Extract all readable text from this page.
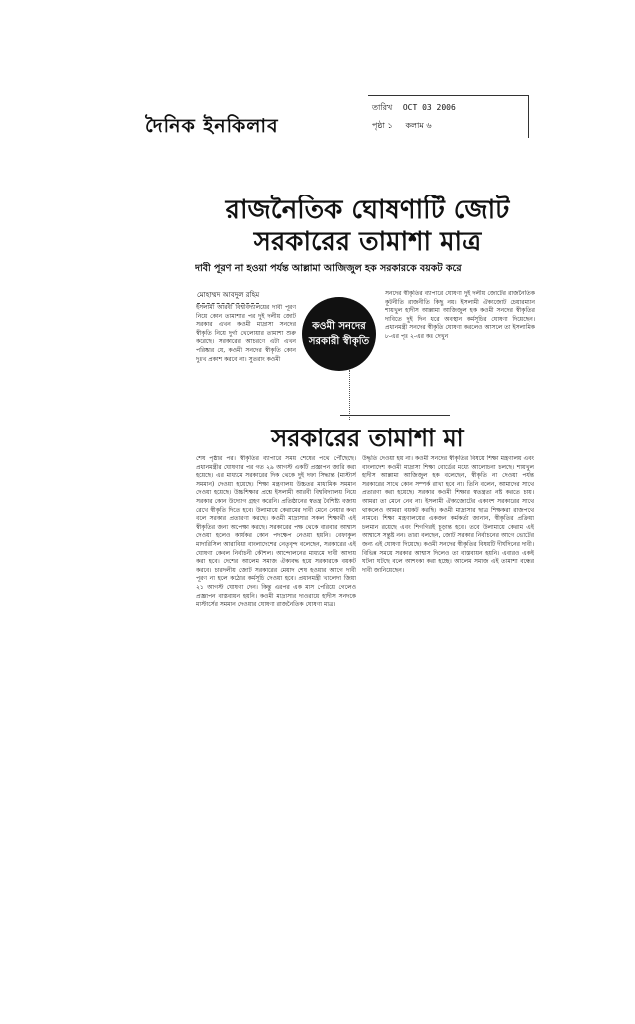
দৈনিক ইনকিলাব
তারিখ OCT 03 2006
পৃষ্ঠা ১ কলাম ৬
রাজনৈতিক ঘোষণাটি জোট
সরকারের তামাশা মাত্র
দাবী পূরণ না হওয়া পর্যন্ত আল্লামা আজিজুল হক সরকারকে বয়কট করে
মোহাম্মদ আবদুল রহিম
ইসলামী আরবী বিশ্ববিদ্যালয়ের দাবী পূরণ নিয়ে কোন তামাশার পর দুই দলীয় জোট সরকার এখন কওমী মাদ্রাসা সনদের স্বীকৃতি নিয়ে দুর্গা খেলোয়ার তামাশা শুরু করেছে। সরকারের আচরণে এটা এখন পরিষ্কার যে, কওমী সনদের স্বীকৃতি কোন দুঃখ প্রকাশ করবে না। সুতরাং কওমী
কওমী সনদের সরকারী স্বীকৃতি
সনদের স্বীকৃতির ব্যাপারে ঘোষণা দুই দলীয় জোটের রাজনৈতিক কূটনীতি রাজনীতি কিছু নয়। ইসলামী ঐক্যজোট চেয়ারম্যান শায়খুল হাদীস আল্লামা আজিজুল হক কওমী সনদের স্বীকৃতির দাবিতে দুই দিন ধরে অবস্থান কর্মসূচির ঘোষণা দিয়েছেন। প্রধানমন্ত্রী সনদের স্বীকৃতি ঘোষণা করলেও আসলে তা ইসলামিক ৮-এর পৃঃ ২-এর কঃ দেখুন
সরকারের তামাশা মা
শেষ পৃষ্ঠার পর। স্বীকৃতির ব্যাপারে সময় শেষের পথে পৌঁছেছে। প্রধানমন্ত্রীর ঘোষণার পর গত ২৯ আগস্ট একটি প্রজ্ঞাপন জারি করা হয়েছে। এর মাধ্যমে সরকারের দিক থেকে দুই দফা সিদ্ধান্ত (মাস্টার্স সমমান) দেওয়া হয়েছে। শিক্ষা মন্ত্রণালয় উচ্চতর মাধ্যমিক সমমান দেওয়া হয়েছে। উচ্চশিক্ষার প্রশ্নে ইসলামী আরবী বিশ্ববিদ্যালয় নিয়ে সরকার কোন উদ্যোগ গ্রহণ করেনি। প্রতিষ্ঠানের স্বতন্ত্র বৈশিষ্ট্য বজায় রেখে স্বীকৃতি দিতে হবে। উলামায়ে কেরামের দাবী মেনে নেয়ার কথা বলে সরকার প্রতারণা করছে। কওমী মাদ্রাসার সকল শিক্ষার্থী এই স্বীকৃতির জন্য অপেক্ষা করছে। সরকারের পক্ষ থেকে বারবার আশ্বাস দেওয়া হলেও কার্যকর কোন পদক্ষেপ নেওয়া হয়নি। বেফাকুল মাদারিসিল আরাবিয়া বাংলাদেশের নেতৃবৃন্দ বলেছেন, সরকারের এই ঘোষণা কেবল নির্বাচনী কৌশল। আন্দোলনের মাধ্যমে দাবী আদায় করা হবে। দেশের আলেম সমাজ ঐক্যবদ্ধ হয়ে সরকারকে বয়কট করবে। চারদলীয় জোট সরকারের মেয়াদ শেষ হওয়ার আগে দাবী পূরণ না হলে কঠোর কর্মসূচি দেওয়া হবে। প্রধানমন্ত্রী খালেদা জিয়া ২১ আগস্ট ঘোষণা দেন। কিন্তু এরপর এক মাস পেরিয়ে গেলেও প্রজ্ঞাপন বাস্তবায়ন হয়নি। কওমী মাদ্রাসার দাওরায়ে হাদীস সনদকে মাস্টার্সের সমমান দেওয়ার ঘোষণা রাজনৈতিক ঘোষণা মাত্র।
উদ্ধৃতি দেওয়া হয় না। কওমী সনদের স্বীকৃতির বিষয়ে শিক্ষা মন্ত্রণালয় এবং বাংলাদেশ কওমী মাদ্রাসা শিক্ষা বোর্ডের মধ্যে আলোচনা চলছে। শায়খুল হাদীস আল্লামা আজিজুল হক বলেছেন, স্বীকৃতি না দেওয়া পর্যন্ত সরকারের সাথে কোন সম্পর্ক রাখা হবে না। তিনি বলেন, আমাদের সাথে প্রতারণা করা হয়েছে। সরকার কওমী শিক্ষার স্বতন্ত্রতা নষ্ট করতে চায়। আমরা তা মেনে নেব না। ইসলামী ঐক্যজোটের একাংশ সরকারের সাথে থাকলেও আমরা বয়কট করছি। কওমী মাদ্রাসার ছাত্র শিক্ষকরা রাজপথে নামবে। শিক্ষা মন্ত্রণালয়ের একজন কর্মকর্তা জানান, স্বীকৃতির প্রক্রিয়া চলমান রয়েছে এবং শিগগিরই চূড়ান্ত হবে। তবে উলামায়ে কেরাম এই আশ্বাসে সন্তুষ্ট নন। তারা বলছেন, জোট সরকার নির্বাচনের আগে ভোটের জন্য এই ঘোষণা দিয়েছে। কওমী সনদের স্বীকৃতির বিষয়টি দীর্ঘদিনের দাবী। বিভিন্ন সময়ে সরকার আশ্বাস দিলেও তা বাস্তবায়ন হয়নি। এবারও একই ঘটনা ঘটছে বলে আশংকা করা হচ্ছে। আলেম সমাজ এই তামাশা বন্ধের দাবী জানিয়েছেন।
